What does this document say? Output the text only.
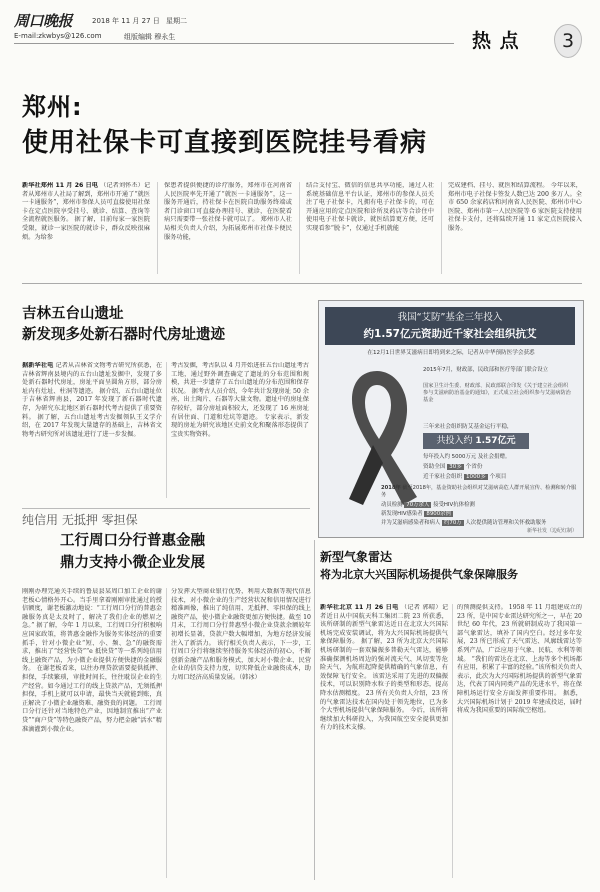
周口晚报	2018 年 11 月 27 日 星期二
E-mail:zkwbys@126.com	组版编辑 穆永生	热 点	3
郑州:
使用社保卡可直接到医院挂号看病
新华社郑州 11 月 26 日电 （记者刘怀丕）记者从郑州市人社局了解到，郑州市开通了“就医一卡通服务”，郑州市参保人员可直接使用社保卡在定点医院享受挂号、就诊、结算、查询等全流程就医服务。 据了解，目前每家一家医院受限，就诊一家医院的就诊卡，群众反映很麻烦。为给参
保患者提供便捷的诊疗服务，郑州市在河南省人民医院率先开通了“就医一卡通服务”，这一服务开通后，持社保卡在医院自助服务终端或者门诊窗口可直接办理挂号、就诊，在医院看病只需要带一张社保卡就可以了。 郑州市人社局相关负责人介绍，为拓展郑州市社保卡便民服务功能，
结合支付宝、微信的信息共享功能，通过人社系统基础信息平台认证，郑州市的参保人员关注了电子社保卡，凡拥有电子社保卡的，可在开通应用的定点医院和诊所及药店等合诊住中使用电子社保卡就诊，就医结算更方便，还可实现看参“脱卡”，仅通过手机就能
完成建档、挂号、就医和结算流程。 今年以来，郑州市电子社保卡签发人数已达 200 多万人。全市 650 余家药店和河南省人民医院、郑州市中心医院、郑州市第一人民医院等 6 家医院支持使用社保卡支付，还将陆续开通 11 家定点医院接入服务。
吉林五台山遗址
新发现多处新石器时代房址遗迹
据新华社电 记者从吉林省文物考古研究所获悉，在吉林省辉南县境内的五台山遗址发掘中，发现了多处新石器时代房址，房址平面呈圆角方形，部分房址内有灶址、柱洞等遗迹。 据介绍，五台山遗址位于吉林省辉南县，2017 年发现了新石器时代遗存，为研究东北地区新石器时代考古提供了重要资料。 据了解，五台山遗址考古发掘领队王义学介绍，在 2017 年发现大量遗存的基础上，吉林省文物考古研究所对该遗址进行了进一步发掘。
考古发掘，考古队以 4 月开始进驻五台山遗址考古工地，通过野外调查确定了遗址的分布范围和规模，共进一步遗存了五台山遗址的分布范围和保存状况。 据考古人员介绍，今年共计发现房址 50 余座，出土陶片、石器等大量文物。遗址中的房址保存较好，部分房址面积较大，还发现了 16 座房址有居住面、门道和灶坑等遗迹。 专家表示，新发现的房址为研究该地区史前文化和聚落形态提供了宝贵实物资料。
我国“艾防”基金三年投入
约1.57亿元资助近千家社会组织抗艾
在12月1日世界艾滋病日即将到来之际，记者从中华预防医学会获悉
2015年7月，财政部，民政部和医疗等部门联合设立
国家卫生计生委、财政部、民政部联合印发《关于建立社会组织参与艾滋病防治基金的通知》，正式成立社会组织参与艾滋病防治基金
三年来社会组织防艾基金运行平稳，
共投入约 1.57亿元
每年投入约 5000万元 及社会捐赠。
资助全国 30多 个省份
近千家社会组织 1000多 个项目
2018年 截至2018年，基金资助社会组织对艾滋病高危人群开展宣传、检测和转介服务
动员检测 70万余人 接受HIV抗体检测
新发现HIV感染者 8900余例
并为艾滋病感染者和病人 约70万 人次提供随访管理和关怀救助服务
新华社发（边纪红制）
纯信用 无抵押 零担保
工行周口分行普惠金融
鼎力支持小微企业发展
刚刚办理完通关手续的鲁晨县某周口加工企业的谢老板心情格外开心。当手里拿着刚刚审批通过的授信额度，谢老板激动地说：“工行周口分行的普惠金融服务真是太及时了，解决了我们企业的燃眉之急。” 据了解，今年 1 月以来，工行周口分行积极响应国家政策，将普惠金融作为服务实体经济的重要抓手，针对小微企业“短、小、频、急”的融资需求，推出了“经营快贷”“e 抵快贷”等一系列纯信用线上融资产品，为小微企业提供方便快捷的金融服务。 在谢老板看来，以往办理贷款需要提供抵押、担保，手续繁琐，审批时间长，往往耽误企业的生产经营。如今通过工行的线上贷款产品，无须抵押担保，手机上就可以申请，最快当天就能到账，真正解决了小微企业融资难、融资贵的问题。 工行周口分行还针对当地特色产业，因地制宜推出“产业贷”“商户贷”等特色融资产品，努力把金融“活水”精准滴灌到小微企业。
分发挥大型商业银行优势，利用大数据等现代信息技术，对小微企业的生产经营状况和信用情况进行精准画像，推出了纯信用、无抵押、零担保的线上融资产品，使小微企业融资更加方便快捷。截至 10 月末，工行周口分行普惠型小微企业贷款余额较年初增长显著，贷款户数大幅增加，为地方经济发展注入了新活力。 该行相关负责人表示，下一步，工行周口分行将继续坚持服务实体经济的初心，不断创新金融产品和服务模式，加大对小微企业、民营企业的信贷支持力度，切实降低企业融资成本，助力周口经济高质量发展。（韩冰）
新型气象雷达
将为北京大兴国际机场提供气象保障服务
新华社北京 11 月 26 日电 （记者 郭晴）记者近日从中国航天科工集团二院 23 所获悉，该所研制的新型气象雷达近日在北京大兴国际机场完成安装调试，将为大兴国际机场提供气象保障服务。 据了解，23 所为北京大兴国际机场研制的一套双偏振多普勒天气雷达，能够准确探测机场周边的强对流天气、风切变等危险天气，为航班起降提供精确的气象信息，有效保障飞行安全。 该雷达采用了先进的双偏振技术，可以识别降水粒子的类型和形态，提高降水估测精度。 23 所有关负责人介绍，23 所的气象雷达技术在国内处于领先地位，已为多个大型机场提供气象保障服务。 今后，该所将继续加大科研投入，为我国航空安全提供更加有力的技术支撑。
的预测提供支持。 1958 年 11 月组建成立的 23 所，是中国专业雷达研究所之一，早在 20 世纪 60 年代，23 所就研制成功了我国第一部气象雷达，填补了国内空白。经过多年发展，23 所已形成了天气雷达、风廓线雷达等系列产品，广泛应用于气象、民航、水利等领域。 “我们的雷达在北京、上海等多个机场都有应用，积累了丰富的经验。”该所相关负责人表示，此次为大兴国际机场提供的新型气象雷达，代表了国内同类产品的先进水平，将在保障机场运行安全方面发挥重要作用。 据悉，大兴国际机场计划于 2019 年建成投运，届时将成为我国重要的国际航空枢纽。
